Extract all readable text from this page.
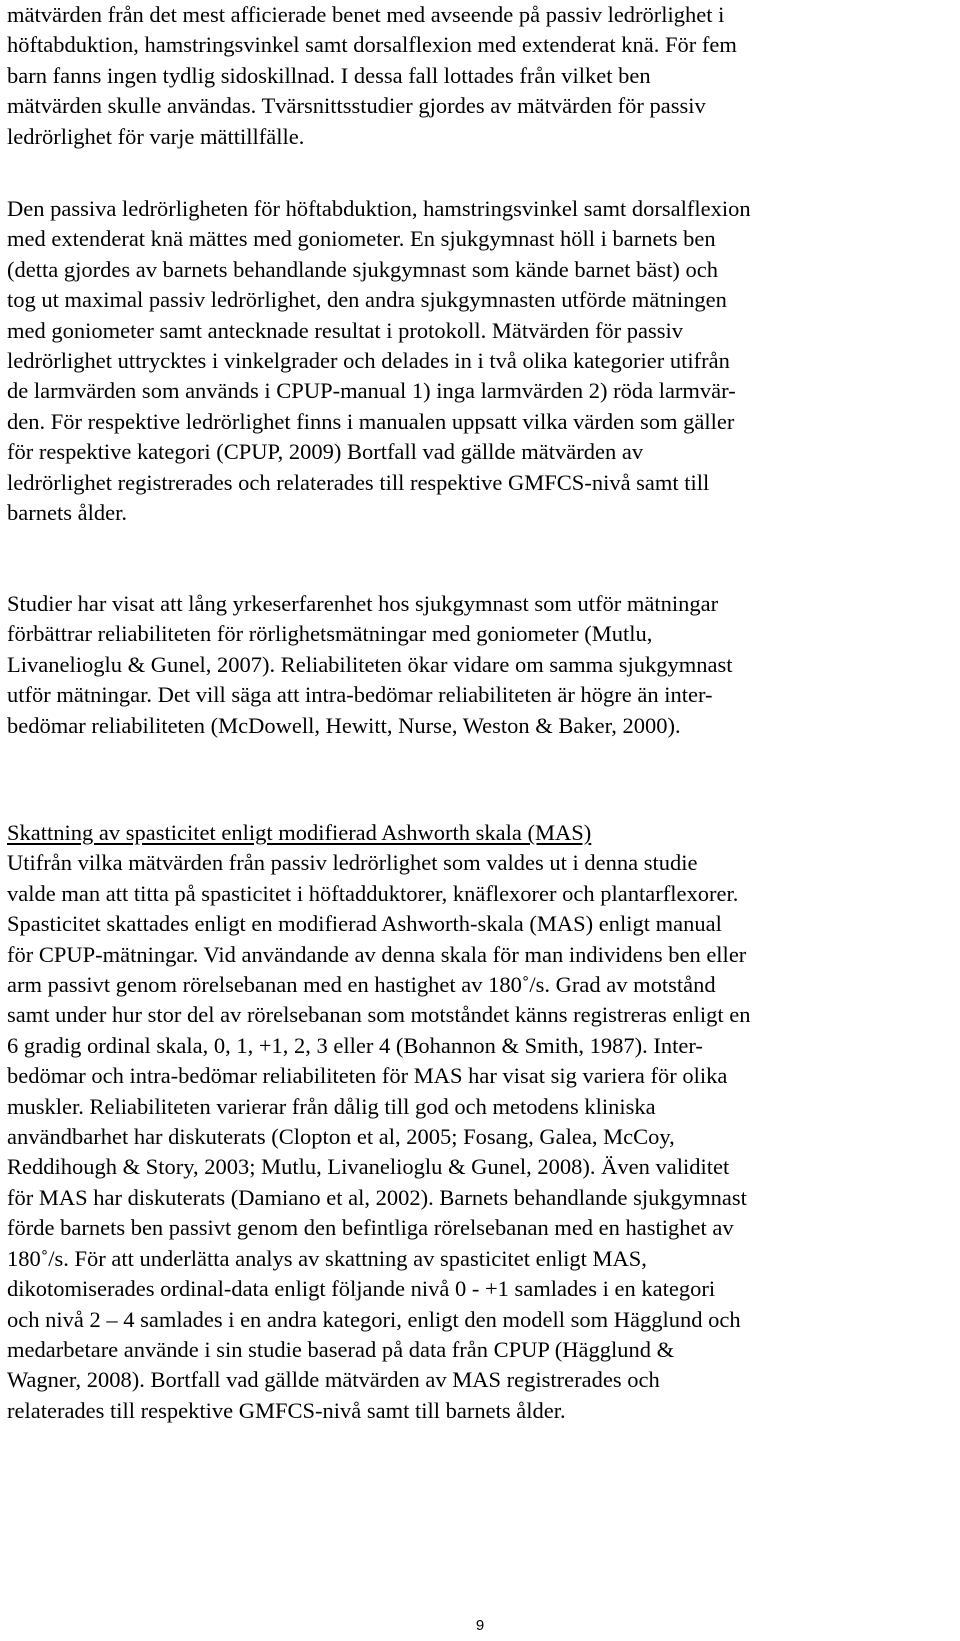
mätvärden från det mest afficierade benet med avseende på passiv ledrörlighet i
höftabduktion, hamstringsvinkel samt dorsalflexion med extenderat knä. För fem
barn fanns ingen tydlig sidoskillnad. I dessa fall lottades från vilket ben
mätvärden skulle användas. Tvärsnittsstudier gjordes av mätvärden för passiv
ledrörlighet för varje mättillfälle.

Den passiva ledrörligheten för höftabduktion, hamstringsvinkel samt dorsalflexion
med extenderat knä mättes med goniometer. En sjukgymnast höll i barnets ben
(detta gjordes av barnets behandlande sjukgymnast som kände barnet bäst) och
tog ut maximal passiv ledrörlighet, den andra sjukgymnasten utförde mätningen
med goniometer samt antecknade resultat i protokoll. Mätvärden för passiv
ledrörlighet uttrycktes i vinkelgrader och delades in i två olika kategorier utifrån
de larmvärden som används i CPUP-manual 1) inga larmvärden 2) röda larmvär-
den. För respektive ledrörlighet finns i manualen uppsatt vilka värden som gäller
för respektive kategori (CPUP, 2009) Bortfall vad gällde mätvärden av
ledrörlighet registrerades och relaterades till respektive GMFCS-nivå samt till
barnets ålder.

Studier har visat att lång yrkeserfarenhet hos sjukgymnast som utför mätningar
förbättrar reliabiliteten för rörlighetsmätningar med goniometer (Mutlu,
Livanelioglu & Gunel, 2007). Reliabiliteten ökar vidare om samma sjukgymnast
utför mätningar. Det vill säga att intra-bedömar reliabiliteten är högre än inter-
bedömar reliabiliteten (McDowell, Hewitt, Nurse, Weston & Baker, 2000).

Skattning av spasticitet enligt modifierad Ashworth skala (MAS)
Utifrån vilka mätvärden från passiv ledrörlighet som valdes ut i denna studie
valde man att titta på spasticitet i höftadduktorer, knäflexorer och plantarflexorer.
Spasticitet skattades enligt en modifierad Ashworth-skala (MAS) enligt manual
för CPUP-mätningar. Vid användande av denna skala för man individens ben eller
arm passivt genom rörelsebanan med en hastighet av 180˚/s. Grad av motstånd
samt under hur stor del av rörelsebanan som motståndet känns registreras enligt en
6 gradig ordinal skala, 0, 1, +1, 2, 3 eller 4 (Bohannon & Smith, 1987). Inter-
bedömar och intra-bedömar reliabiliteten för MAS har visat sig variera för olika
muskler. Reliabiliteten varierar från dålig till god och metodens kliniska
användbarhet har diskuterats (Clopton et al, 2005; Fosang, Galea, McCoy,
Reddihough & Story, 2003; Mutlu, Livanelioglu & Gunel, 2008). Även validitet
för MAS har diskuterats (Damiano et al, 2002). Barnets behandlande sjukgymnast
förde barnets ben passivt genom den befintliga rörelsebanan med en hastighet av
180˚/s. För att underlätta analys av skattning av spasticitet enligt MAS,
dikotomiserades ordinal-data enligt följande nivå 0 - +1 samlades i en kategori
och nivå 2 – 4 samlades i en andra kategori, enligt den modell som Hägglund och
medarbetare använde i sin studie baserad på data från CPUP (Hägglund &
Wagner, 2008). Bortfall vad gällde mätvärden av MAS registrerades och
relaterades till respektive GMFCS-nivå samt till barnets ålder.
9
